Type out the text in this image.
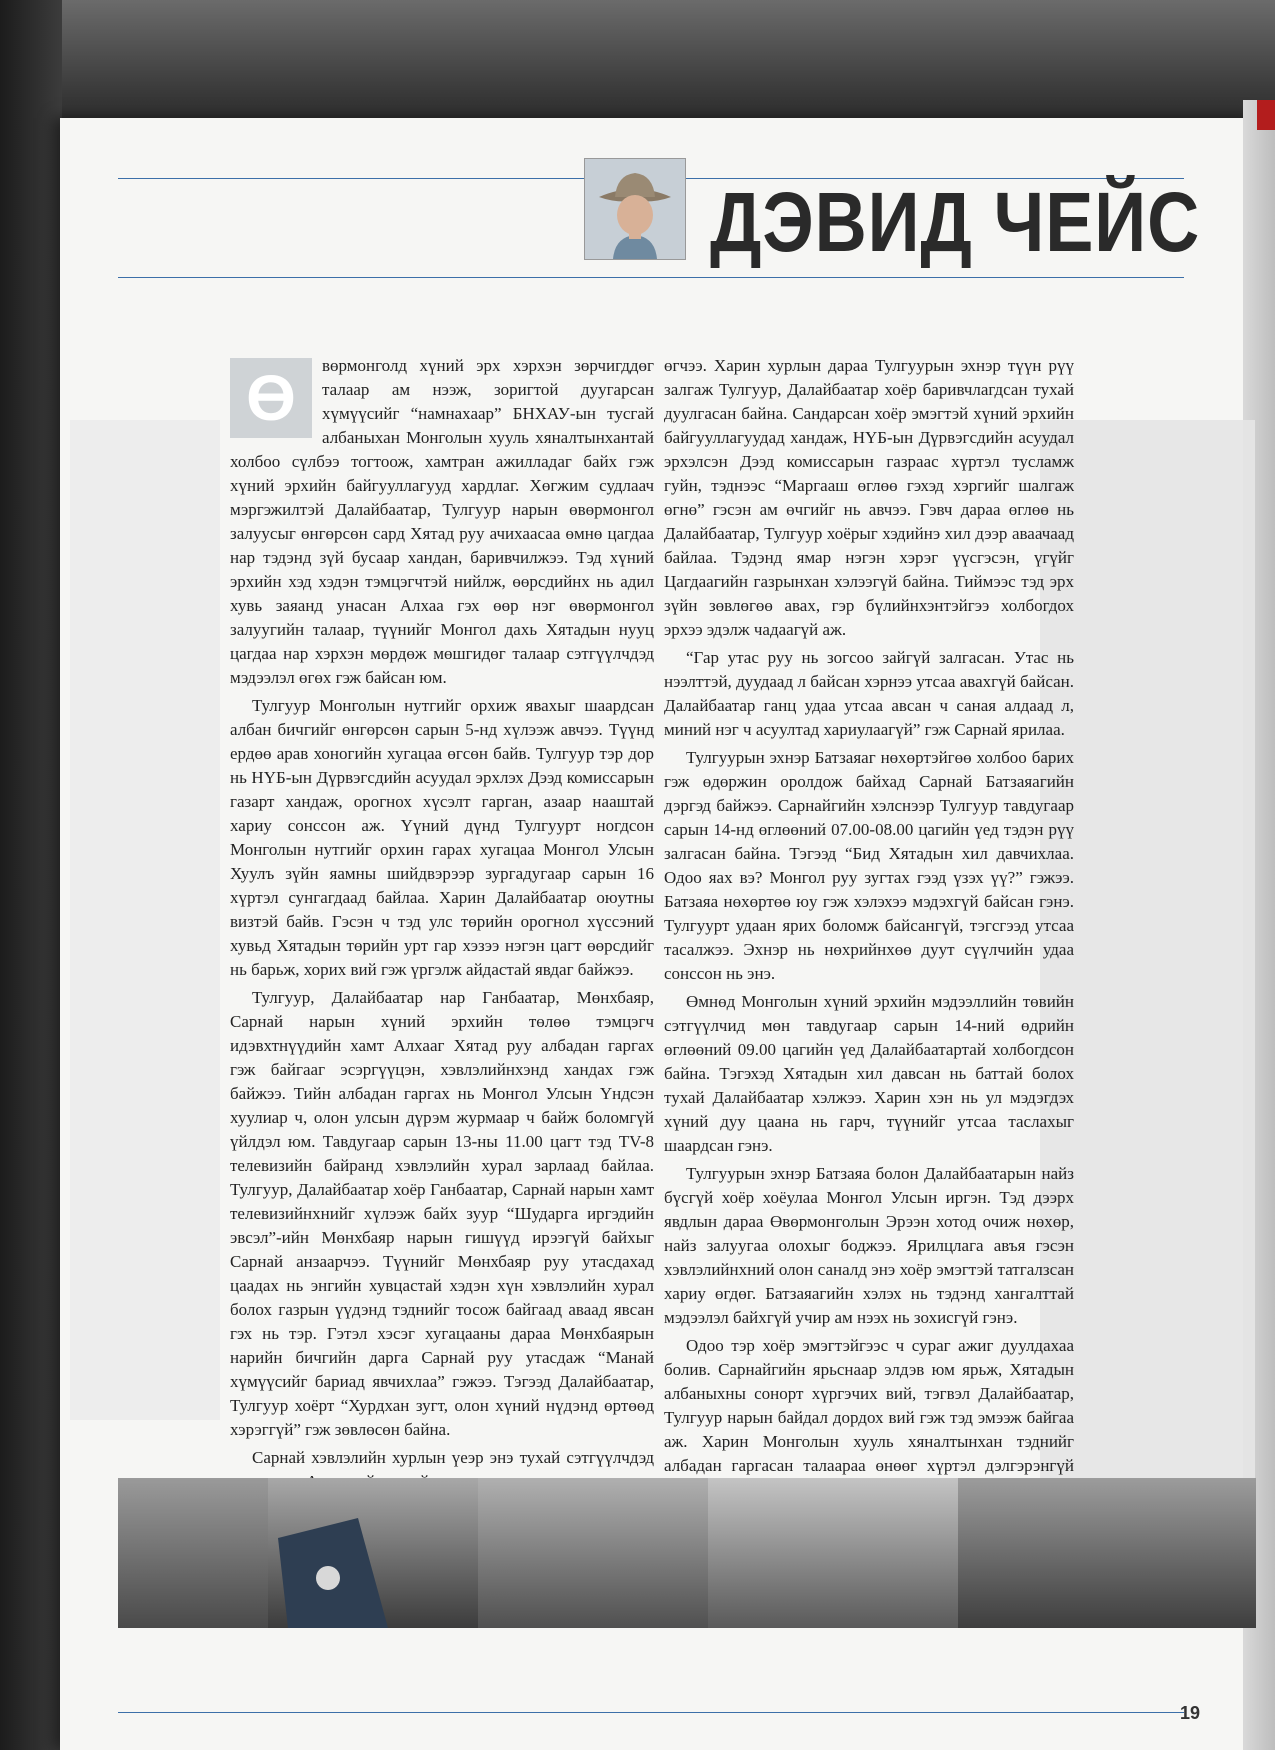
ДЭВИД ЧЕЙС
Ө	вөрмонголд хүний эрх хэрхэн зөрчигддөг талаар ам нээж, зоригтой дуугарсан хүмүүсийг “намнахаар” БНХАУ-ын тусгай албаныхан Монголын хууль хяналтынхантай холбоо сүлбээ тогтоож, хамтран ажилладаг байх гэж хүний эрхийн байгууллагууд хардлаг. Хөгжим судлаач мэргэжилтэй Далайбаатар, Тулгуур нарын өвөрмонгол залуусыг өнгөрсөн сард Хятад руу ачихаасаа өмнө цагдаа нар тэдэнд зүй бусаар хандан, баривчилжээ. Тэд хүний эрхийн хэд хэдэн тэмцэгчтэй нийлж, өөрсдийнх нь адил хувь заяанд унасан Алхаа гэх өөр нэг өвөрмонгол залуугийн талаар, түүнийг Монгол дахь Хятадын нууц цагдаа нар хэрхэн мөрдөж мөшгидөг талаар сэтгүүлчдэд мэдээлэл өгөх гэж байсан юм.

Тулгуур Монголын нутгийг орхиж явахыг шаардсан албан бичгийг өнгөрсөн сарын 5-нд хүлээж авчээ. Түүнд ердөө арав хоногийн хугацаа өгсөн байв. Тулгуур тэр дор нь НҮБ-ын Дүрвэгсдийн асуудал эрхлэх Дээд комиссарын газарт хандаж, орогнох хүсэлт гарган, азаар нааштай хариу сонссон аж. Үүний дүнд Тулгуурт ногдсон Монголын нутгийг орхин гарах хугацаа Монгол Улсын Хуулъ зүйн яамны шийдвэрээр зургадугаар сарын 16 хүртэл сунгагдаад байлаа. Харин Далайбаатар оюутны визтэй байв. Гэсэн ч тэд улс төрийн орогнол хүссэний хувьд Хятадын төрийн урт гар хэзээ нэгэн цагт өөрсдийг нь барьж, хорих вий гэж үргэлж айдастай явдаг байжээ.

Тулгуур, Далайбаатар нар Ганбаатар, Мөнхбаяр, Сарнай нарын хүний эрхийн төлөө тэмцэгч идэвхтнүүдийн хамт Алхааг Хятад руу албадан гаргах гэж байгааг эсэргүүцэн, хэвлэлийнхэнд хандах гэж байжээ. Тийн албадан гаргах нь Монгол Улсын Үндсэн хуулиар ч, олон улсын дүрэм журмаар ч байж боломгүй үйлдэл юм. Тавдугаар сарын 13-ны 11.00 цагт тэд TV-8 телевизийн байранд хэвлэлийн хурал зарлаад байлаа. Тулгуур, Далайбаатар хоёр Ганбаатар, Сарнай нарын хамт телевизийнхнийг хүлээж байх зуур “Шударга иргэдийн эвсэл”-ийн Мөнхбаяр нарын гишүүд ирээгүй байхыг Сарнай анзаарчээ. Түүнийг Мөнхбаяр руу утасдахад цаадах нь энгийн хувцастай хэдэн хүн хэвлэлийн хурал болох газрын үүдэнд тэднийг тосож байгаад аваад явсан гэх нь тэр. Гэтэл хэсэг хугацааны дараа Мөнхбаярын нарийн бичгийн дарга Сарнай руу утасдаж “Манай хүмүүсийг бариад явчихлаа” гэжээ. Тэгээд Далайбаатар, Тулгуур хоёрт “Хурдхан зугт, олон хүний нүдэнд өртөөд хэрэггүй” гэж зөвлөсөн байна.

Сарнай хэвлэлийн хурлын үеэр энэ тухай сэтгүүлчдэд

өгчээ. Харин хурлын дараа Тулгуурын эхнэр түүн рүү залгаж Тулгуур, Далайбаатар хоёр баривчлагдсан тухай дуулгасан байна. Сандарсан хоёр эмэгтэй хүний эрхийн байгууллагуудад хандаж, НҮБ-ын Дүрвэгсдийн асуудал эрхэлсэн Дээд комиссарын газраас хүртэл тусламж гуйн, тэднээс “Маргааш өглөө гэхэд хэргийг шалгаж өгнө” гэсэн ам өчгийг нь авчээ. Гэвч дараа өглөө нь Далайбаатар, Тулгуур хоёрыг хэдийнэ хил дээр аваачаад байлаа. Тэдэнд ямар нэгэн хэрэг үүсгэсэн, үгүйг Цагдаагийн газрынхан хэлээгүй байна. Тиймээс тэд эрх зүйн зөвлөгөө авах, гэр бүлийнхэнтэйгээ холбогдох эрхээ эдэлж чадаагүй аж.

“Гар утас руу нь зогсоо зайгүй залгасан. Утас нь нээлттэй, дуудаад л байсан хэрнээ утсаа авахгүй байсан. Далайбаатар ганц удаа утсаа авсан ч саная алдаад л, миний нэг ч асуултад хариулаагүй” гэж Сарнай ярилаа.

Тулгуурын эхнэр Батзаяаг нөхөртэйгөө холбоо барих гэж өдөржин оролдож байхад Сарнай Батзаяагийн дэргэд байжээ. Сарнайгийн хэлснээр Тулгуур тавдугаар сарын 14-нд өглөөний 07.00-08.00 цагийн үед тэдэн рүү залгасан байна. Тэгээд “Бид Хятадын хил давчихлаа. Одоо яах вэ? Монгол руу зугтах гээд үзэх үү?” гэжээ. Батзаяа нөхөртөө юу гэж хэлэхээ мэдэхгүй байсан гэнэ. Тулгуурт удаан ярих боломж байсангүй, тэгсгээд утсаа тасалжээ. Эхнэр нь нөхрийнхөө дуут сүүлчийн удаа сонссон нь энэ.

Өмнөд Монголын хүний эрхийн мэдээллийн төвийн сэтгүүлчид мөн тавдугаар сарын 14-ний өдрийн өглөөний 09.00 цагийн үед Далайбаатартай холбогдсон байна. Тэгэхэд Хятадын хил давсан нь баттай болох тухай Далайбаатар хэлжээ. Харин хэн нь ул мэдэгдэх хүний дуу цаана нь гарч, түүнийг утсаа таслахыг шаардсан гэнэ.

Тулгуурын эхнэр Батзаяа болон Далайбаатарын найз бүсгүй хоёр хоёулаа Монгол Улсын иргэн. Тэд дээрх явдлын дараа Өвөрмонголын Эрээн хотод очиж нөхөр, найз залуугаа олохыг боджээ. Ярилцлага авъя гэсэн хэвлэлийнхний олон саналд энэ хоёр эмэгтэй татгалзсан хариу өгдөг. Батзаяагийн хэлэх нь тэдэнд хангалттай мэдээлэл байхгүй учир ам нээх нь зохисгүй гэнэ.

Одоо тэр хоёр эмэгтэйгээс ч сураг ажиг дуулдахаа болив. Сарнайгийн ярьснаар элдэв юм ярьж, Хятадын албаныхны сонорт хүргэчих вий, тэгвэл Далайбаатар, Тулгуур нарын байдал дордох вий гэж тэд эмээж байгаа аж. Харин Монголын хууль хяналтынхан тэднийг албадан гаргасан талаараа өнөөг хүртэл дэлгэрэнгүй

19
